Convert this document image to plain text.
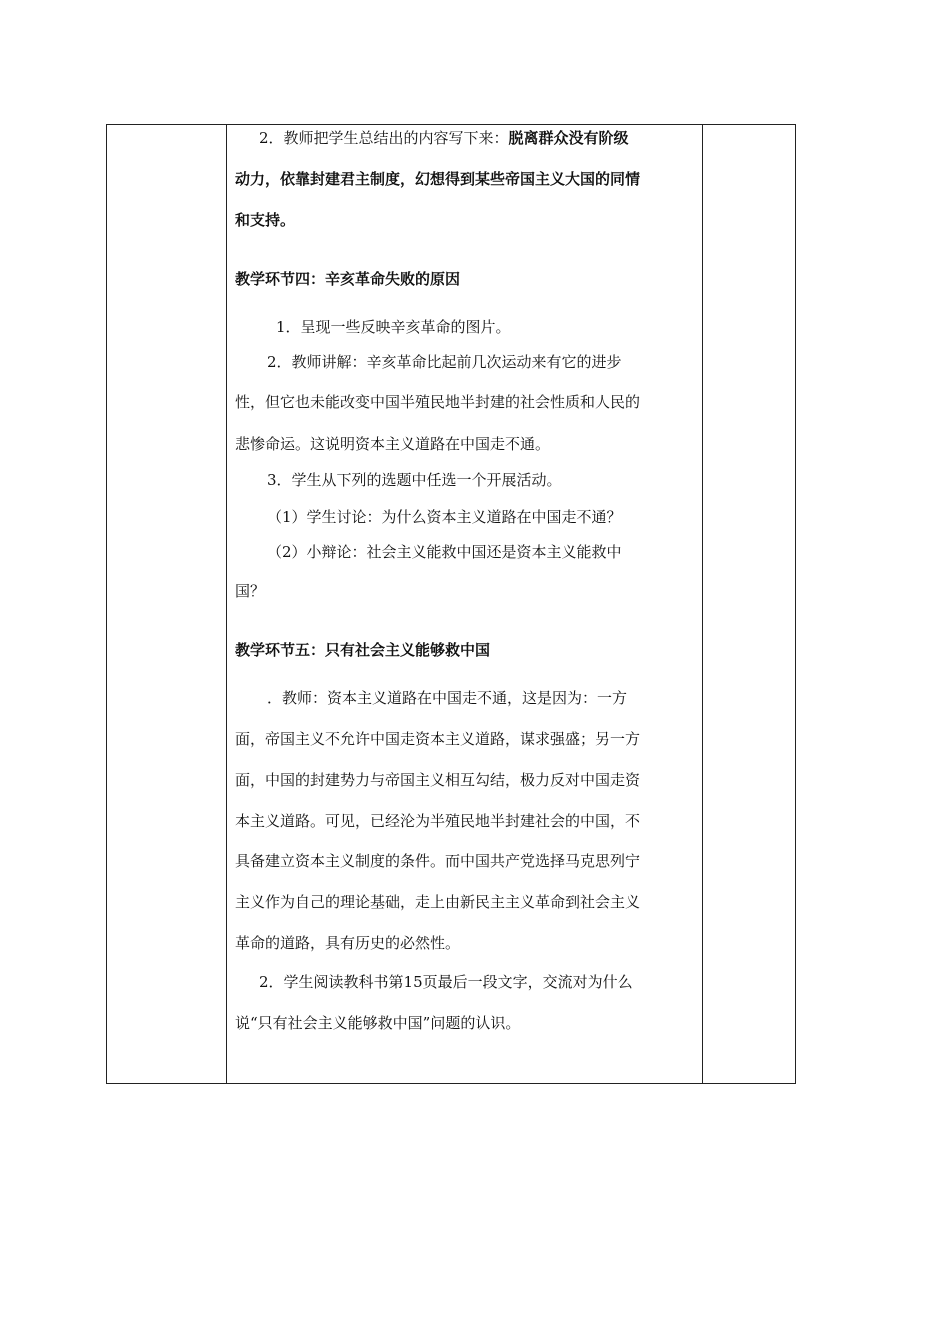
2．教师把学生总结出的内容写下来：脱离群众没有阶级
动力，依靠封建君主制度，幻想得到某些帝国主义大国的同情
和支持。
教学环节四：辛亥革命失败的原因
1．呈现一些反映辛亥革命的图片。
2．教师讲解：辛亥革命比起前几次运动来有它的进步
性，但它也未能改变中国半殖民地半封建的社会性质和人民的
悲惨命运。这说明资本主义道路在中国走不通。
3．学生从下列的选题中任选一个开展活动。
（1）学生讨论：为什么资本主义道路在中国走不通？
（2）小辩论：社会主义能救中国还是资本主义能救中
国？
教学环节五：只有社会主义能够救中国
．教师：资本主义道路在中国走不通，这是因为：一方
面，帝国主义不允许中国走资本主义道路，谋求强盛；另一方
面，中国的封建势力与帝国主义相互勾结，极力反对中国走资
本主义道路。可见，已经沦为半殖民地半封建社会的中国，不
具备建立资本主义制度的条件。而中国共产党选择马克思列宁
主义作为自己的理论基础，走上由新民主主义革命到社会主义
革命的道路，具有历史的必然性。
2．学生阅读教科书第15页最后一段文字，交流对为什么
说“只有社会主义能够救中国”问题的认识。
